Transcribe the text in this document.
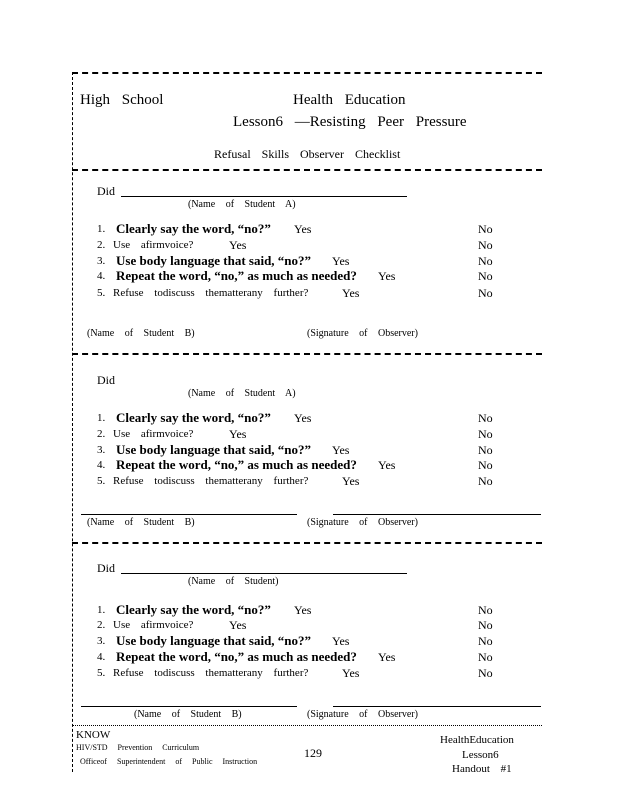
High School	Health Education
Lesson6 —Resisting Peer Pressure
Refusal Skills Observer Checklist
Did
(Name of Student A)
1. Clearly say the word, “no?” Yes	No
2. Use afirmvoice?	Yes	No
3. Use body language that said, “no?” Yes	No
4. Repeat the word, “no,” as much as needed? Yes	No
5. Refuse todiscuss thematterany further?	Yes	No
(Name of Student B)	(Signature of Observer)
Did
(Name of Student A)
1. Clearly say the word, “no?” Yes	No
2. Use afirmvoice?	Yes	No
3. Use body language that said, “no?” Yes	No
4. Repeat the word, “no,” as much as needed? Yes	No
5. Refuse todiscuss thematterany further?	Yes	No
(Name of Student B)	(Signature of Observer)
Did
(Name of Student)
1. Clearly say the word, “no?” Yes	No
2. Use afirmvoice?	Yes	No
3. Use body language that said, “no?” Yes	No
4. Repeat the word, “no,” as much as needed? Yes	No
5. Refuse todiscuss thematterany further?	Yes	No
(Name of Student B)	(Signature of Observer)
KNOW
HIV/STD Prevention Curriculum
Officeof Superintendent of Public Instruction
129
HealthEducation
Lesson6
Handout #1
